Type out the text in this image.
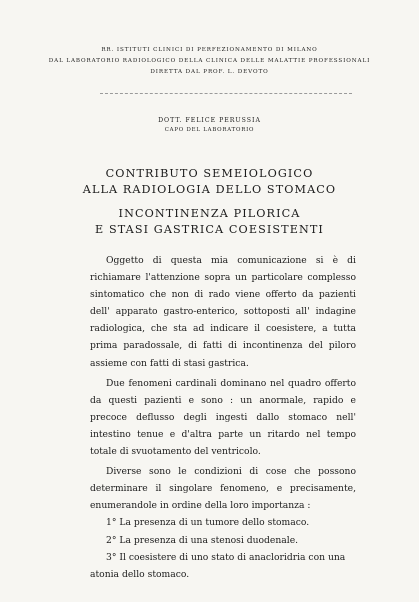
RR. ISTITUTI CLINICI DI PERFEZIONAMENTO DI MILANO
DAL LABORATORIO RADIOLOGICO DELLA CLINICA DELLE MALATTIE PROFESSIONALI
DIRETTA DAL PROF. L. DEVOTO
DOTT. FELICE PERUSSIA
CAPO DEL LABORATORIO
CONTRIBUTO SEMEIOLOGICO
ALLA RADIOLOGIA DELLO STOMACO
INCONTINENZA PILORICA
E STASI GASTRICA COESISTENTI

Oggetto di questa mia comunicazione si è di richiamare l'attenzione sopra un particolare complesso sintomatico che non di rado viene offerto da pazienti dell' apparato gastro-enterico, sottoposti all' indagine radiologica, che sta ad indicare il coesistere, a tutta prima paradossale, di fatti di incontinenza del piloro assieme con fatti di stasi gastrica.

Due fenomeni cardinali dominano nel quadro offerto da questi pazienti e sono : un anormale, rapido e precoce deflusso degli ingesti dallo stomaco nell' intestino tenue e d'altra parte un ritardo nel tempo totale di svuotamento del ventricolo.

Diverse sono le condizioni di cose che possono determinare il singolare fenomeno, e precisamente, enumerandole in ordine della loro importanza :

1° La presenza di un tumore dello stomaco.

2° La presenza di una stenosi duodenale.

3° Il coesistere di uno stato di anacloridria con una

atonia dello stomaco.
